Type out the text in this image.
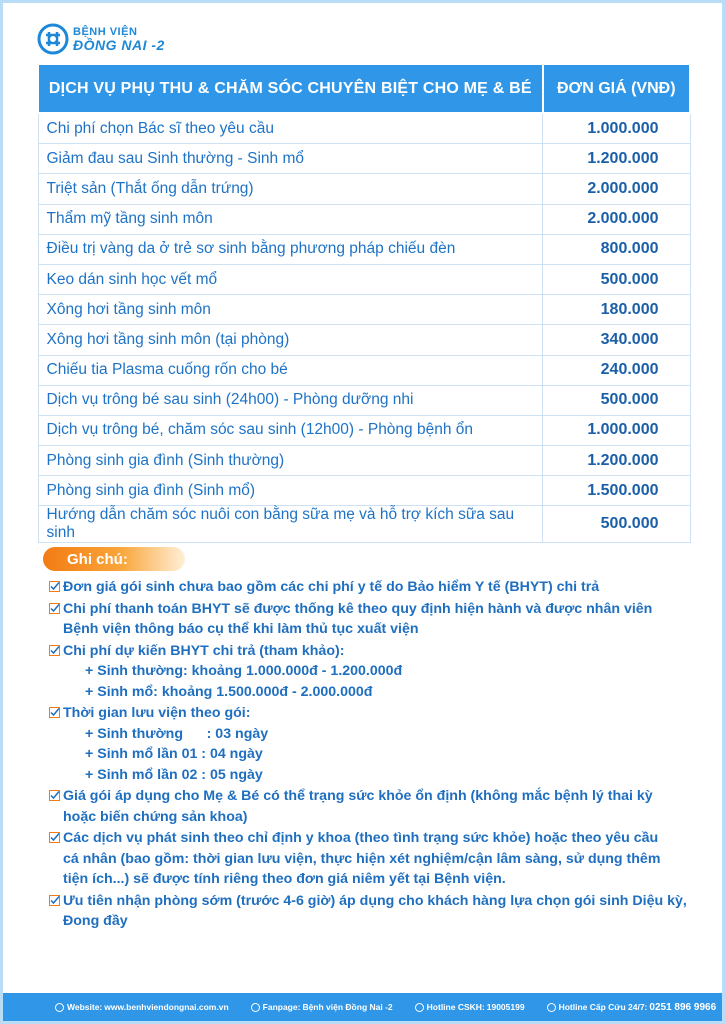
BỆNH VIỆN
ĐỒNG NAI -2
DỊCH VỤ PHỤ THU & CHĂM SÓC CHUYÊN BIỆT CHO MẸ & BÉ	ĐƠN GIÁ (VNĐ)
Chi phí chọn Bác sĩ theo yêu cầu	1.000.000
Giảm đau sau Sinh thường - Sinh mổ	1.200.000
Triệt sản (Thắt ống dẫn trứng)	2.000.000
Thẩm mỹ tầng sinh môn	2.000.000
Điều trị vàng da ở trẻ sơ sinh bằng phương pháp chiếu đèn	800.000
Keo dán sinh học vết mổ	500.000
Xông hơi tầng sinh môn	180.000
Xông hơi tầng sinh môn (tại phòng)	340.000
Chiếu tia Plasma cuống rốn cho bé	240.000
Dịch vụ trông bé sau sinh (24h00) - Phòng dưỡng nhi	500.000
Dịch vụ trông bé, chăm sóc sau sinh (12h00) - Phòng bệnh ổn	1.000.000
Phòng sinh gia đình (Sinh thường)	1.200.000
Phòng sinh gia đình (Sinh mổ)	1.500.000
Hướng dẫn chăm sóc nuôi con bằng sữa mẹ và hỗ trợ kích sữa sau sinh	500.000
Ghi chú:
Đơn giá gói sinh chưa bao gồm các chi phí y tế do Bảo hiểm Y tế (BHYT) chi trả
Chi phí thanh toán BHYT sẽ được thống kê theo quy định hiện hành và được nhân viên
Bệnh viện thông báo cụ thể khi làm thủ tục xuất viện
Chi phí dự kiến BHYT chi trả (tham khảo):
+ Sinh thường: khoảng 1.000.000đ - 1.200.000đ
+ Sinh mổ: khoảng 1.500.000đ - 2.000.000đ
Thời gian lưu viện theo gói:
+ Sinh thường      : 03 ngày
+ Sinh mổ lần 01 : 04 ngày
+ Sinh mổ lần 02 : 05 ngày
Giá gói áp dụng cho Mẹ & Bé có thể trạng sức khỏe ổn định (không mắc bệnh lý thai kỳ
hoặc biến chứng sản khoa)
Các dịch vụ phát sinh theo chỉ định y khoa (theo tình trạng sức khỏe) hoặc theo yêu cầu
cá nhân (bao gồm: thời gian lưu viện, thực hiện xét nghiệm/cận lâm sàng, sử dụng thêm
tiện ích...) sẽ được tính riêng theo đơn giá niêm yết tại Bệnh viện.
Ưu tiên nhận phòng sớm (trước 4-6 giờ) áp dụng cho khách hàng lựa chọn gói sinh Diệu kỳ,
Đong đầy
Website: www.benhviendongnai.com.vn	Fanpage: Bệnh viện Đồng Nai -2	Hotline CSKH: 19005199	Hotline Cấp Cứu 24/7: 0251 896 9966
